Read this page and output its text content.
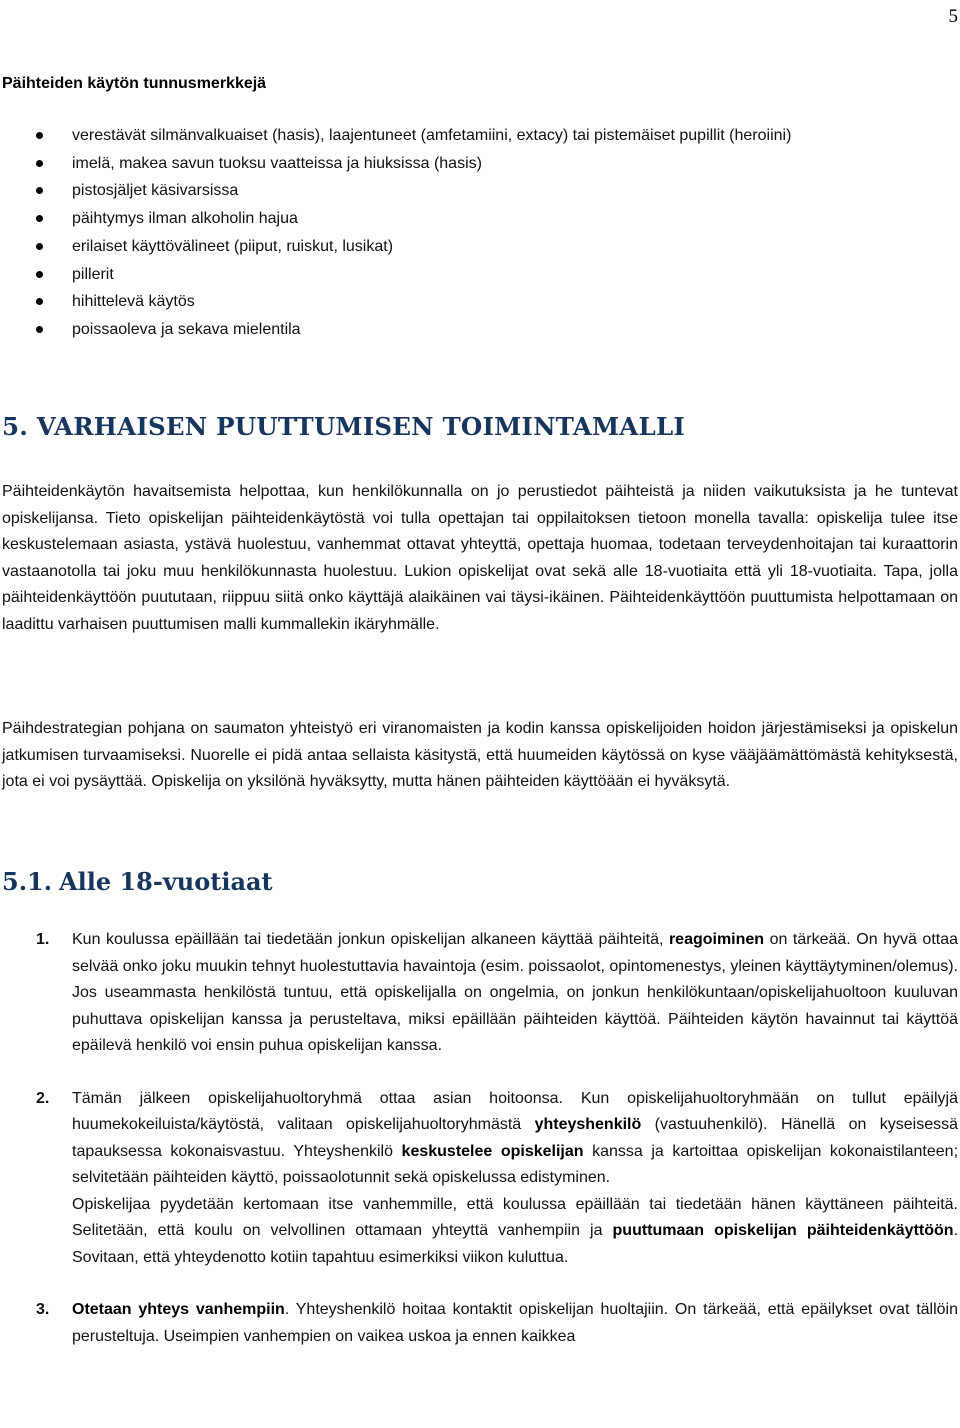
5
Päihteiden käytön tunnusmerkkejä
verestävät silmänvalkuaiset (hasis), laajentuneet (amfetamiini, extacy) tai pistemäiset pupillit (heroiini)
imelä, makea savun tuoksu vaatteissa ja hiuksissa (hasis)
pistosjäljet käsivarsissa
päihtymys ilman alkoholin hajua
erilaiset käyttövälineet (piiput, ruiskut, lusikat)
pillerit
hihittelevä käytös
poissaoleva ja sekava mielentila
5. VARHAISEN PUUTTUMISEN TOIMINTAMALLI

Päihteidenkäytön havaitsemista helpottaa, kun henkilökunnalla on jo perustiedot päihteistä ja niiden vaikutuksista ja he tuntevat opiskelijansa. Tieto opiskelijan päihteidenkäytöstä voi tulla opettajan tai oppilaitoksen tietoon monella tavalla: opiskelija tulee itse keskustelemaan asiasta, ystävä huolestuu, vanhemmat ottavat yhteyttä, opettaja huomaa, todetaan terveydenhoitajan tai kuraattorin vastaanotolla tai joku muu henkilökunnasta huolestuu. Lukion opiskelijat ovat sekä alle 18-vuotiaita että yli 18-vuotiaita. Tapa, jolla päihteidenkäyttöön puututaan, riippuu siitä onko käyttäjä alaikäinen vai täysi-ikäinen. Päihteidenkäyttöön puuttumista helpottamaan on laadittu varhaisen puuttumisen malli kummallekin ikäryhmälle.

Päihdestrategian pohjana on saumaton yhteistyö eri viranomaisten ja kodin kanssa opiskelijoiden hoidon järjestämiseksi ja opiskelun jatkumisen turvaamiseksi. Nuorelle ei pidä antaa sellaista käsitystä, että huumeiden käytössä on kyse vääjäämättömästä kehityksestä, jota ei voi pysäyttää. Opiskelija on yksilönä hyväksytty, mutta hänen päihteiden käyttöään ei hyväksytä.

5.1. Alle 18-vuotiaat
1. Kun koulussa epäillään tai tiedetään jonkun opiskelijan alkaneen käyttää päihteitä, reagoiminen on tärkeää. On hyvä ottaa selvää onko joku muukin tehnyt huolestuttavia havaintoja (esim. poissaolot, opintomenestys, yleinen käyttäytyminen/olemus). Jos useammasta henkilöstä tuntuu, että opiskelijalla on ongelmia, on jonkun henkilökuntaan/opiskelijahuoltoon kuuluvan puhuttava opiskelijan kanssa ja perusteltava, miksi epäillään päihteiden käyttöä. Päihteiden käytön havainnut tai käyttöä epäilevä henkilö voi ensin puhua opiskelijan kanssa.

2. Tämän jälkeen opiskelijahuoltoryhmä ottaa asian hoitoonsa. Kun opiskelijahuoltoryhmään on tullut epäilyjä huumekokeiluista/käytöstä, valitaan opiskelijahuoltoryhmästä yhteyshenkilö (vastuuhenkilö). Hänellä on kyseisessä tapauksessa kokonaisvastuu. Yhteyshenkilö keskustelee opiskelijan kanssa ja kartoittaa opiskelijan kokonaistilanteen; selvitetään päihteiden käyttö, poissaolotunnit sekä opiskelussa edistyminen.

Opiskelijaa pyydetään kertomaan itse vanhemmille, että koulussa epäillään tai tiedetään hänen käyttäneen päihteitä. Selitetään, että koulu on velvollinen ottamaan yhteyttä vanhempiin ja puuttumaan opiskelijan päihteidenkäyttöön. Sovitaan, että yhteydenotto kotiin tapahtuu esimerkiksi viikon kuluttua.

3. Otetaan yhteys vanhempiin. Yhteyshenkilö hoitaa kontaktit opiskelijan huoltajiin. On tärkeää, että epäilykset ovat tällöin perusteltuja. Useimpien vanhempien on vaikea uskoa ja ennen kaikkea
